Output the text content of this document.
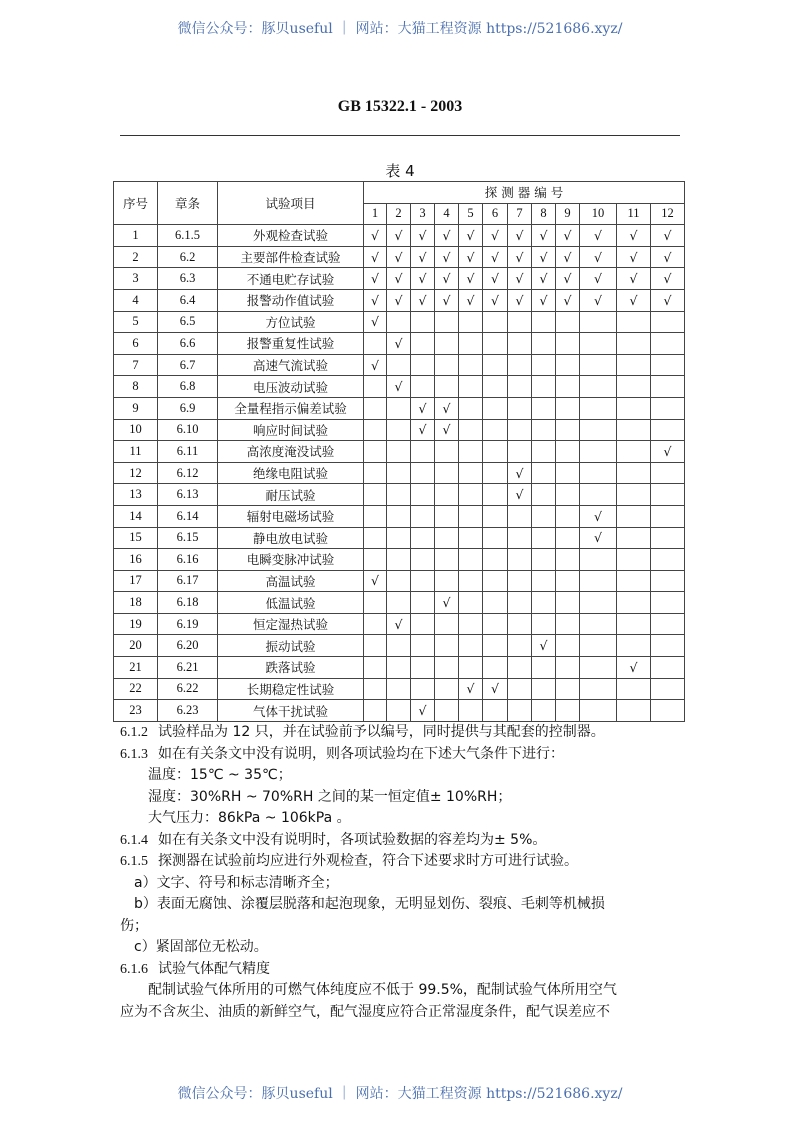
微信公众号：豚贝useful ｜ 网站：大猫工程资源 https://521686.xyz/
GB 15322.1 - 2003
表 4
序号	章条	试验项目	探 测 器 编 号											
			1	2	3	4	5	6	7	8	9	10	11	12
1	6.1.5	外观检查试验	√	√	√	√	√	√	√	√	√	√	√	√
2	6.2	主要部件检查试验	√	√	√	√	√	√	√	√	√	√	√	√
3	6.3	不通电贮存试验	√	√	√	√	√	√	√	√	√	√	√	√
4	6.4	报警动作值试验	√	√	√	√	√	√	√	√	√	√	√	√
5	6.5	方位试验	√											
6	6.6	报警重复性试验		√										
7	6.7	高速气流试验	√											
8	6.8	电压波动试验		√										
9	6.9	全量程指示偏差试验			√	√								
10	6.10	响应时间试验			√	√								
11	6.11	高浓度淹没试验												√
12	6.12	绝缘电阻试验							√					
13	6.13	耐压试验							√					
14	6.14	辐射电磁场试验										√		
15	6.15	静电放电试验										√		
16	6.16	电瞬变脉冲试验												
17	6.17	高温试验	√											
18	6.18	低温试验				√								
19	6.19	恒定湿热试验		√										
20	6.20	振动试验								√				
21	6.21	跌落试验											√	
22	6.22	长期稳定性试验					√	√						
23	6.23	气体干扰试验			√									
6.1.2 试验样品为 12 只，并在试验前予以编号，同时提供与其配套的控制器。
6.1.3 如在有关条文中没有说明，则各项试验均在下述大气条件下进行：
温度：15℃ ~ 35℃；
湿度：30%RH ~ 70%RH 之间的某一恒定值± 10%RH；
大气压力：86kPa ~ 106kPa 。
6.1.4 如在有关条文中没有说明时，各项试验数据的容差均为± 5%。
6.1.5 探测器在试验前均应进行外观检查，符合下述要求时方可进行试验。
a）文字、符号和标志清晰齐全；
b）表面无腐蚀、涂覆层脱落和起泡现象，无明显划伤、裂痕、毛刺等机械损
伤；
c）紧固部位无松动。
6.1.6 试验气体配气精度
配制试验气体所用的可燃气体纯度应不低于 99.5%，配制试验气体所用空气
应为不含灰尘、油质的新鲜空气，配气湿度应符合正常湿度条件，配气误差应不
微信公众号：豚贝useful ｜ 网站：大猫工程资源 https://521686.xyz/
